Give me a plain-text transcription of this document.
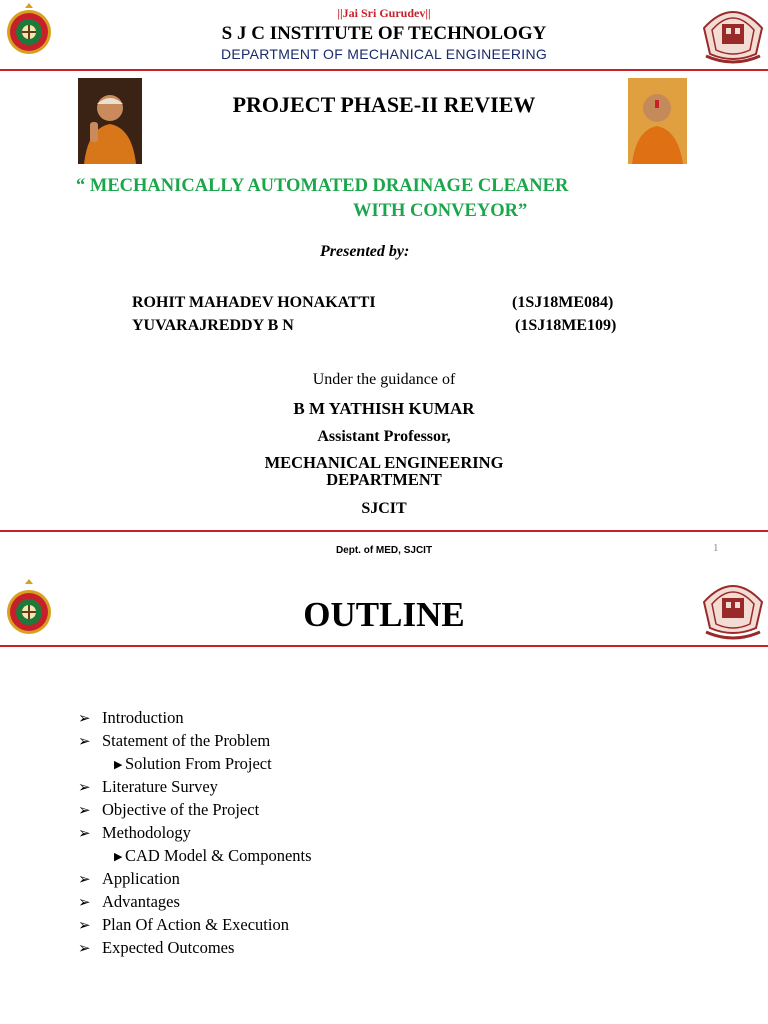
||Jai Sri Gurudev||
S J C INSTITUTE OF TECHNOLOGY
DEPARTMENT OF MECHANICAL ENGINEERING
PROJECT PHASE-II REVIEW
“ MECHANICALLY AUTOMATED DRAINAGE CLEANER
WITH CONVEYOR”
Presented by:
ROHIT MAHADEV HONAKATTI	(1SJ18ME084)
YUVARAJREDDY B N	(1SJ18ME109)
Under the guidance of
B M YATHISH KUMAR
Assistant Professor,
MECHANICAL ENGINEERING
DEPARTMENT
SJCIT
Dept. of MED, SJCIT	1
OUTLINE
➢ Introduction
➢ Statement of the Problem
▶ Solution From Project
➢ Literature Survey
➢ Objective of the Project
➢ Methodology
▶ CAD Model & Components
➢ Application
➢ Advantages
➢ Plan Of Action & Execution
➢ Expected Outcomes
